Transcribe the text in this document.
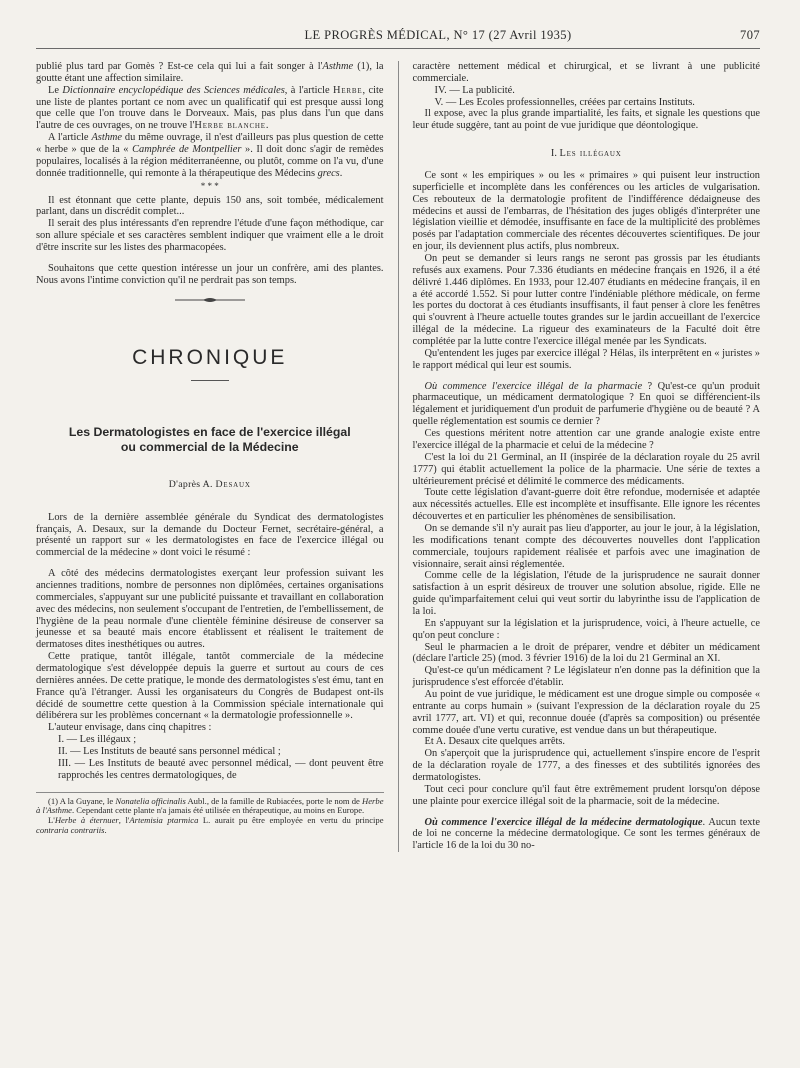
LE PROGRÈS MÉDICAL, N° 17 (27 Avril 1935)	707

publié plus tard par Gomès ? Est-ce cela qui lui a fait songer à l'Asthme (1), la goutte étant une affection similaire.

Le Dictionnaire encyclopédique des Sciences médicales, à l'article Herbe, cite une liste de plantes portant ce nom avec un qualificatif qui est presque aussi long que celle que l'on trouve dans le Dorveaux. Mais, pas plus dans l'un que dans l'autre de ces ouvrages, on ne trouve l'Herbe blanche.

A l'article Asthme du même ouvrage, il n'est d'ailleurs pas plus question de cette « herbe » que de la « Camphrée de Montpellier ». Il doit donc s'agir de remèdes populaires, localisés à la région méditerranéenne, ou plutôt, comme on l'a vu, d'une donnée traditionnelle, qui remonte à la thérapeutique des Médecins grecs.

* * *

Il est étonnant que cette plante, depuis 150 ans, soit tombée, médicalement parlant, dans un discrédit complet...

Il serait des plus intéressants d'en reprendre l'étude d'une façon méthodique, car son allure spéciale et ses caractères semblent indiquer que vraiment elle a le droit d'être inscrite sur les listes des pharmacopées.

Souhaitons que cette question intéresse un jour un confrère, ami des plantes. Nous avons l'intime conviction qu'il ne perdrait pas son temps.

CHRONIQUE
Les Dermatologistes en face de l'exercice illégal
ou commercial de la Médecine
D'après A. Desaux

Lors de la dernière assemblée générale du Syndicat des dermatologistes français, A. Desaux, sur la demande du Docteur Fernet, secrétaire-général, a présenté un rapport sur « les dermatologistes en face de l'exercice illégal ou commercial de la médecine » dont voici le résumé :

A côté des médecins dermatologistes exerçant leur profession suivant les anciennes traditions, nombre de personnes non diplômées, certaines organisations commerciales, s'appuyant sur une publicité puissante et travaillant en collaboration avec des médecins, non seulement s'occupant de l'entretien, de l'embellissement, de l'hygiène de la peau normale d'une clientèle féminine désireuse de conserver sa jeunesse et sa beauté mais encore établissent et réalisent le traitement de dermatoses dites inesthétiques ou autres.

Cette pratique, tantôt illégale, tantôt commerciale de la médecine dermatologique s'est développée depuis la guerre et surtout au cours de ces dernières années. De cette pratique, le monde des dermatologistes s'est ému, tant en France qu'à l'étranger. Aussi les organisateurs du Congrès de Budapest ont-ils décidé de soumettre cette question à la Commission spéciale internationale qui délibérera sur les problèmes concernant « la dermatologie professionnelle ».

L'auteur envisage, dans cinq chapitres :

I. — Les illégaux ;

II. — Les Instituts de beauté sans personnel médical ;

III. — Les Instituts de beauté avec personnel médical, — dont peuvent être rapprochés les centres dermatologiques, de

(1) A la Guyane, le Nonatelia officinalis Aubl., de la famille de Rubiacées, porte le nom de Herbe à l'Asthme. Cependant cette plante n'a jamais été utilisée en thérapeutique, au moins en Europe.

L'Herbe à éternuer, l'Artemisia ptarmica L. aurait pu être employée en vertu du principe contraria contrariis.

caractère nettement médical et chirurgical, et se livrant à une publicité commerciale.

IV. — La publicité.

V. — Les Ecoles professionnelles, créées par certains Instituts.

Il expose, avec la plus grande impartialité, les faits, et signale les questions que leur étude suggère, tant au point de vue juridique que déontologique.

I. Les illégaux

Ce sont « les empiriques » ou les « primaires » qui puisent leur instruction superficielle et incomplète dans les conférences ou les articles de vulgarisation. Ces rebouteux de la dermatologie profitent de l'indifférence dédaigneuse des médecins et aussi de l'embarras, de l'hésitation des juges obligés d'interpréter une législation vieillie et démodée, insuffisante en face de la multiplicité des problèmes posés par l'adaptation commerciale des récentes découvertes scientifiques. De jour en jour, ils deviennent plus actifs, plus nombreux.

On peut se demander si leurs rangs ne seront pas grossis par les étudiants refusés aux examens. Pour 7.336 étudiants en médecine français en 1926, il a été délivré 1.446 diplômes. En 1933, pour 12.407 étudiants en médecine français, il en a été accordé 1.552. Si pour lutter contre l'indéniable pléthore médicale, on ferme les portes du doctorat à ces étudiants insuffisants, il faut penser à clore les fenêtres qui s'ouvrent à l'heure actuelle toutes grandes sur le jardin accueillant de l'exercice illégal de la médecine. La rigueur des examinateurs de la Faculté doit être complétée par la lutte contre l'exercice illégal menée par les Syndicats.

Qu'entendent les juges par exercice illégal ? Hélas, ils interprêtent en « juristes » le rapport médical qui leur est soumis.

Où commence l'exercice illégal de la pharmacie ? Qu'est-ce qu'un produit pharmaceutique, un médicament dermatologique ? En quoi se différencient-ils légalement et juridiquement d'un produit de parfumerie d'hygiène ou de beauté ? A quelle réglementation est soumis ce dernier ?

Ces questions méritent notre attention car une grande analogie existe entre l'exercice illégal de la pharmacie et celui de la médecine ?

C'est la loi du 21 Germinal, an II (inspirée de la déclaration royale du 25 avril 1777) qui établit actuellement la police de la pharmacie. Une série de textes a ultérieurement précisé et délimité le commerce des médicaments.

Toute cette législation d'avant-guerre doit être refondue, modernisée et adaptée aux nécessités actuelles. Elle est incomplète et insuffisante. Elle ignore les récentes découvertes et en particulier les phénomènes de sensibilisation.

On se demande s'il n'y aurait pas lieu d'apporter, au jour le jour, à la législation, les modifications tenant compte des découvertes nouvelles dont l'application commerciale, toujours rapidement réalisée et parfois avec une imagination de visionnaire, serait ainsi réglementée.

Comme celle de la législation, l'étude de la jurisprudence ne saurait donner satisfaction à un esprit désireux de trouver une solution absolue, rigide. Elle ne guide qu'imparfaitement celui qui veut sortir du labyrinthe issu de l'application de la loi.

En s'appuyant sur la législation et la jurisprudence, voici, à l'heure actuelle, ce qu'on peut conclure :

Seul le pharmacien a le droit de préparer, vendre et débiter un médicament (déclare l'article 25) (mod. 3 février 1916) de la loi du 21 Germinal an XI.

Qu'est-ce qu'un médicament ? Le législateur n'en donne pas la définition que la jurisprudence s'est efforcée d'établir.

Au point de vue juridique, le médicament est une drogue simple ou composée « entrante au corps humain » (suivant l'expression de la déclaration royale du 25 avril 1777, art. VI) et qui, reconnue douée (d'après sa composition) ou présentée comme douée d'une vertu curative, est vendue dans un but thérapeutique.

Et A. Desaux cite quelques arrêts.

On s'aperçoit que la jurisprudence qui, actuellement s'inspire encore de l'esprit de la déclaration royale de 1777, a des finesses et des subtilités ignorées des dermatologistes.

Tout ceci pour conclure qu'il faut être extrêmement prudent lorsqu'on dépose une plainte pour exercice illégal soit de la pharmacie, soit de la médecine.

Où commence l'exercice illégal de la médecine dermatologique. Aucun texte de loi ne concerne la médecine dermatologique. Ce sont les termes généraux de l'article 16 de la loi du 30 no-
